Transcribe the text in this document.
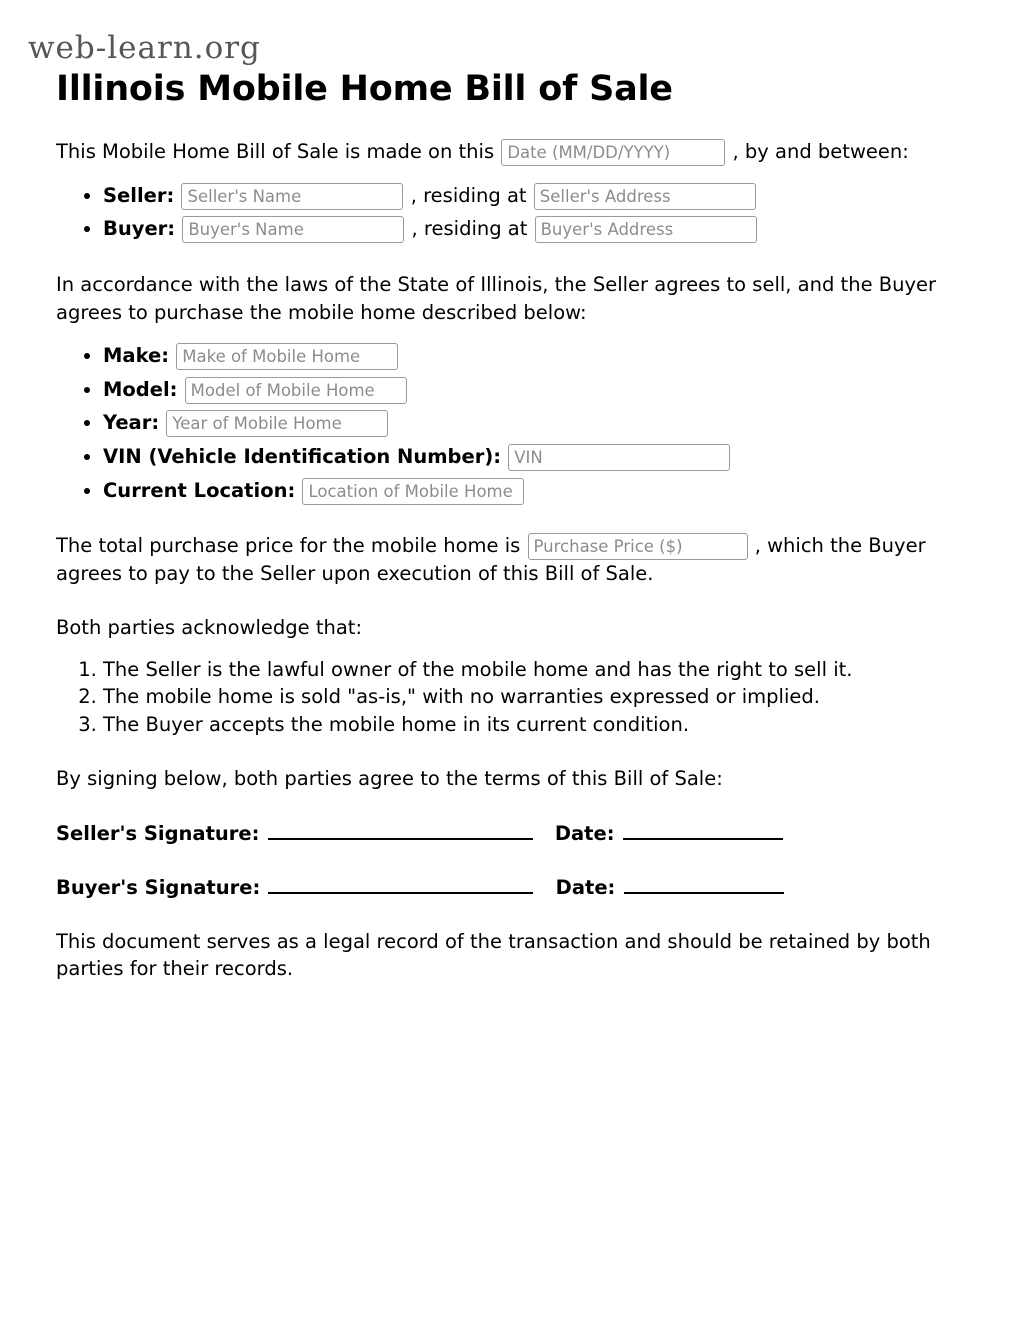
web-learn.org
Illinois Mobile Home Bill of Sale

This Mobile Home Bill of Sale is made on this Date (MM/DD/YYYY)	, by and between:

• Seller: Seller's Name	, residing at Seller's Address
• Buyer: Buyer's Name	, residing at Buyer's Address

In accordance with the laws of the State of Illinois, the Seller agrees to sell, and the Buyer agrees to purchase the mobile home described below:

• Make: Make of Mobile Home
• Model: Model of Mobile Home
• Year: Year of Mobile Home
• VIN (Vehicle Identification Number): VIN
• Current Location: Location of Mobile Home

The total purchase price for the mobile home is Purchase Price ($)	, which the Buyer agrees to pay to the Seller upon execution of this Bill of Sale.

Both parties acknowledge that:

1. The Seller is the lawful owner of the mobile home and has the right to sell it.
2. The mobile home is sold "as-is," with no warranties expressed or implied.
3. The Buyer accepts the mobile home in its current condition.

By signing below, both parties agree to the terms of this Bill of Sale:

Seller's Signature:	Date:
Buyer's Signature:	Date:

This document serves as a legal record of the transaction and should be retained by both parties for their records.
